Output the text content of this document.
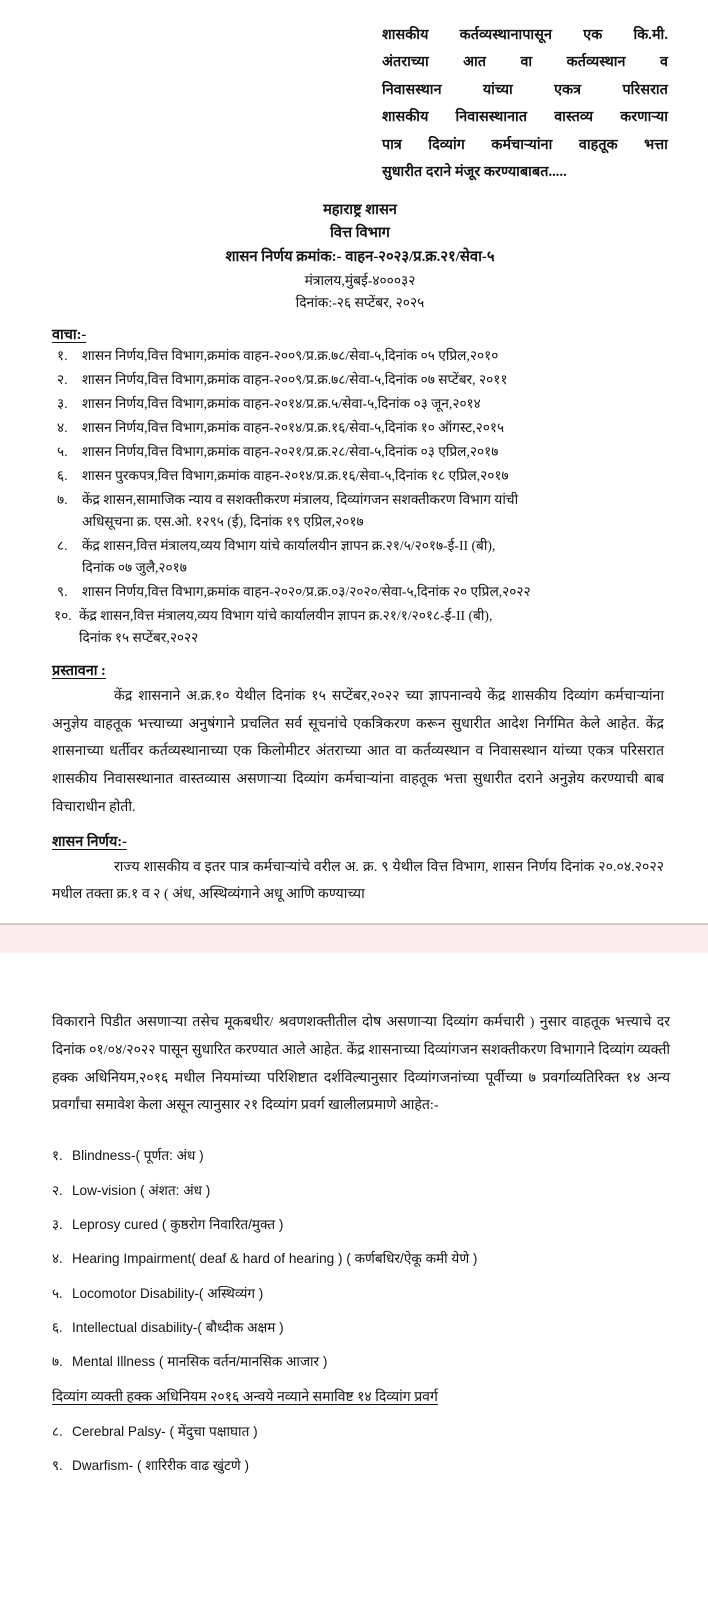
शासकीय कर्तव्यस्थानापासून एक कि.मी.
अंतराच्या आत वा कर्तव्यस्थान व
निवासस्थान यांच्या एकत्र परिसरात
शासकीय निवासस्थानात वास्तव्य करणाऱ्या
पात्र दिव्यांग कर्मचाऱ्यांना वाहतूक भत्ता
सुधारीत दराने मंजूर करण्याबाबत.....
महाराष्ट्र शासन
वित्त विभाग
शासन निर्णय क्रमांक:- वाहन-२०२३/प्र.क्र.२१/सेवा-५
मंत्रालय,मुंबई-४०००३२
दिनांक:-२६ सप्टेंबर, २०२५
वाचा:-
१.	शासन निर्णय,वित्त विभाग,क्रमांक वाहन-२००९/प्र.क्र.७८/सेवा-५,दिनांक ०५ एप्रिल,२०१०
२.	शासन निर्णय,वित्त विभाग,क्रमांक वाहन-२००९/प्र.क्र.७८/सेवा-५,दिनांक ०७ सप्टेंबर, २०११
३.	शासन निर्णय,वित्त विभाग,क्रमांक वाहन-२०१४/प्र.क्र.५/सेवा-५,दिनांक ०३ जून,२०१४
४.	शासन निर्णय,वित्त विभाग,क्रमांक वाहन-२०१४/प्र.क्र.१६/सेवा-५,दिनांक १० ऑगस्ट,२०१५
५.	शासन निर्णय,वित्त विभाग,क्रमांक वाहन-२०२१/प्र.क्र.२८/सेवा-५,दिनांक ०३ एप्रिल,२०१७
६.	शासन पुरकपत्र,वित्त विभाग,क्रमांक वाहन-२०१४/प्र.क्र.१६/सेवा-५,दिनांक १८ एप्रिल,२०१७
७.	केंद्र शासन,सामाजिक न्याय व सशक्तीकरण मंत्रालय, दिव्यांगजन सशक्तीकरण विभाग यांची
अधिसूचना क्र. एस.ओ. १२९५ (ई), दिनांक १९ एप्रिल,२०१७
८.	केंद्र शासन,वित्त मंत्रालय,व्यय विभाग यांचे कार्यालयीन ज्ञापन क्र.२१/५/२०१७-ई-II (बी),
दिनांक ०७ जुलै,२०१७
९.	शासन निर्णय,वित्त विभाग,क्रमांक वाहन-२०२०/प्र.क्र.०३/२०२०/सेवा-५,दिनांक २० एप्रिल,२०२२
१०. केंद्र शासन,वित्त मंत्रालय,व्यय विभाग यांचे कार्यालयीन ज्ञापन क्र.२१/१/२०१८-ई-II (बी),
दिनांक १५ सप्टेंबर,२०२२
प्रस्तावना :

केंद्र शासनाने अ.क्र.१० येथील दिनांक १५ सप्टेंबर,२०२२ च्या ज्ञापनान्वये केंद्र शासकीय दिव्यांग कर्मचाऱ्यांना अनुज्ञेय वाहतूक भत्त्याच्या अनुषंगाने प्रचलित सर्व सूचनांचे एकत्रिकरण करून सुधारीत आदेश निर्गमित केले आहेत. केंद्र शासनाच्या धर्तीवर कर्तव्यस्थानाच्या एक किलोमीटर अंतराच्या आत वा कर्तव्यस्थान व निवासस्थान यांच्या एकत्र परिसरात शासकीय निवासस्थानात वास्तव्यास असणाऱ्या दिव्यांग कर्मचाऱ्यांना वाहतूक भत्ता सुधारीत दराने अनुज्ञेय करण्याची बाब विचाराधीन होती.

शासन निर्णय:-

राज्य शासकीय व इतर पात्र कर्मचाऱ्यांचे वरील अ. क्र. ९ येथील वित्त विभाग, शासन निर्णय दिनांक २०.०४.२०२२ मधील तक्ता क्र.१ व २ ( अंध, अस्थिव्यंगाने अधू आणि कण्याच्या

विकाराने पिडीत असणाऱ्या तसेच मूकबधीर/ श्रवणशक्तीतील दोष असणाऱ्या दिव्यांग कर्मचारी ) नुसार वाहतूक भत्त्याचे दर दिनांक ०१/०४/२०२२ पासून सुधारित करण्यात आले आहेत. केंद्र शासनाच्या दिव्यांगजन सशक्तीकरण विभागाने दिव्यांग व्यक्ती हक्क अधिनियम,२०१६ मधील नियमांच्या परिशिष्टात दर्शविल्यानुसार दिव्यांगजनांच्या पूर्वीच्या ७ प्रवर्गाव्यतिरिक्त १४ अन्य प्रवर्गांचा समावेश केला असून त्यानुसार २१ दिव्यांग प्रवर्ग खालीलप्रमाणे आहेत:-

१. Blindness-( पूर्णत: अंध )
२. Low-vision ( अंशत: अंध )
३. Leprosy cured ( कुष्ठरोग निवारित/मुक्त )
४. Hearing Impairment( deaf & hard of hearing ) ( कर्णबधिर/ऐकू कमी येणे )
५. Locomotor Disability-( अस्थिव्यंग )
६. Intellectual disability-( बौध्दीक अक्षम )
७. Mental Illness ( मानसिक वर्तन/मानसिक आजार )
दिव्यांग व्यक्ती हक्क अधिनियम २०१६ अन्वये नव्याने समाविष्ट १४ दिव्यांग प्रवर्ग
८. Cerebral Palsy- ( मेंदुचा पक्षाघात )
९. Dwarfism- ( शारिरीक वाढ खुंटणे )
